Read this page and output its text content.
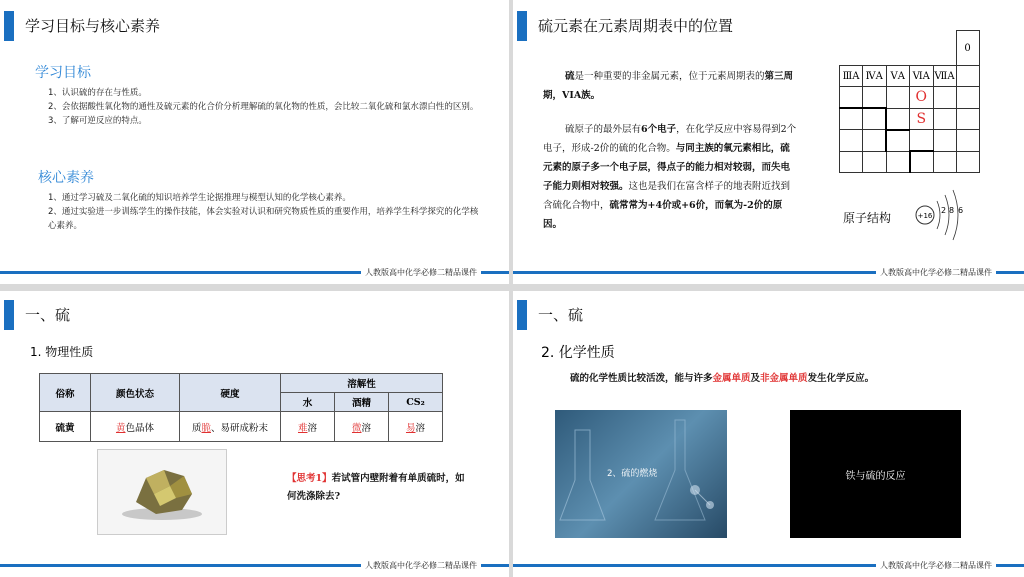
学习目标与核心素养
学习目标
1、认识硫的存在与性质。
2、会依据酸性氧化物的通性及硫元素的化合价分析理解硫的氧化物的性质，会比较二氧化硫和氯水漂白性的区别。
3、了解可逆反应的特点。
核心素养
1、通过学习硫及二氧化硫的知识培养学生论据推理与模型认知的化学核心素养。
2、通过实验进一步训练学生的操作技能，体会实验对认识和研究物质性质的重要作用，培养学生科学探究的化学核心素养。
人教版高中化学必修二精品课件
硫元素在元素周期表中的位置
硫是一种重要的非金属元素，位于元素周期表的第三周期，VIA族。
硫原子的最外层有6个电子，在化学反应中容易得到2个电子，形成-2价的硫的化合物。与同主族的氧元素相比，硫元素的原子多一个电子层，得点子的能力相对较弱，而失电子能力则相对较强。这也是我们在富含样子的地表附近找到含硫化合物中，硫常常为+4价或+6价，而氧为-2价的原因。
					0
ⅢA	ⅣA	ⅤA	ⅥA	ⅦA	
			O		
			S		

原子结构	+16
2 8 6
人教版高中化学必修二精品课件
一、硫
1. 物理性质
俗称	颜色状态	硬度	溶解性		
			水	酒精	CS₂
硫黄	黄色晶体	质脆、易研成粉末	难溶	微溶	易溶
【思考1】若试管内壁附着有单质硫时，如何洗涤除去?
人教版高中化学必修二精品课件
一、硫
2. 化学性质
硫的化学性质比较活泼，能与许多金属单质及非金属单质发生化学反应。
2、硫的燃烧	铁与硫的反应
人教版高中化学必修二精品课件
